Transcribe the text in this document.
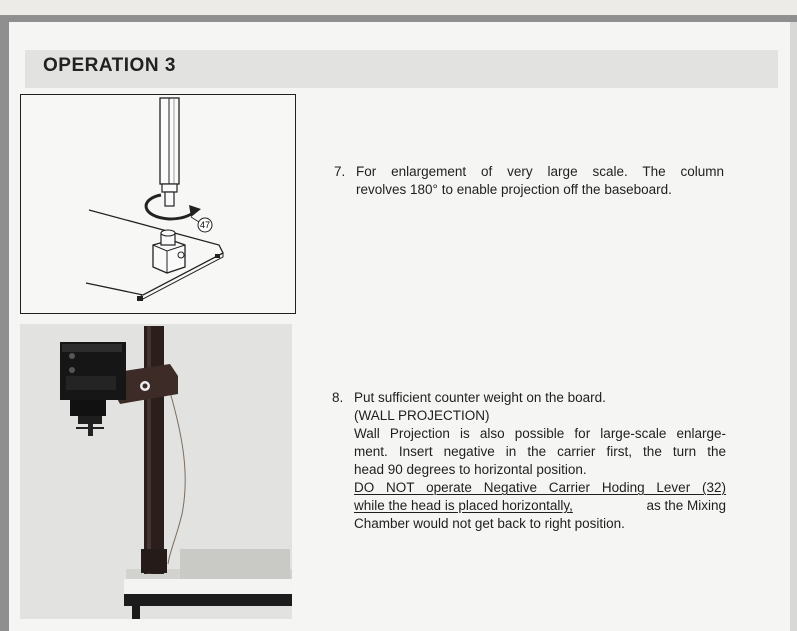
OPERATION 3
47
7. For enlargement of very large scale. The column
revolves 180° to enable projection off the baseboard.
8. Put sufficient counter weight on the board.
(WALL PROJECTION)
Wall Projection is also possible for large-scale enlarge-
ment. Insert negative in the carrier first, the turn the
head 90 degrees to horizontal position.
DO NOT operate Negative Carrier Hoding Lever (32)
while the head is placed horizontally,	as the Mixing
Chamber would not get back to right position.
